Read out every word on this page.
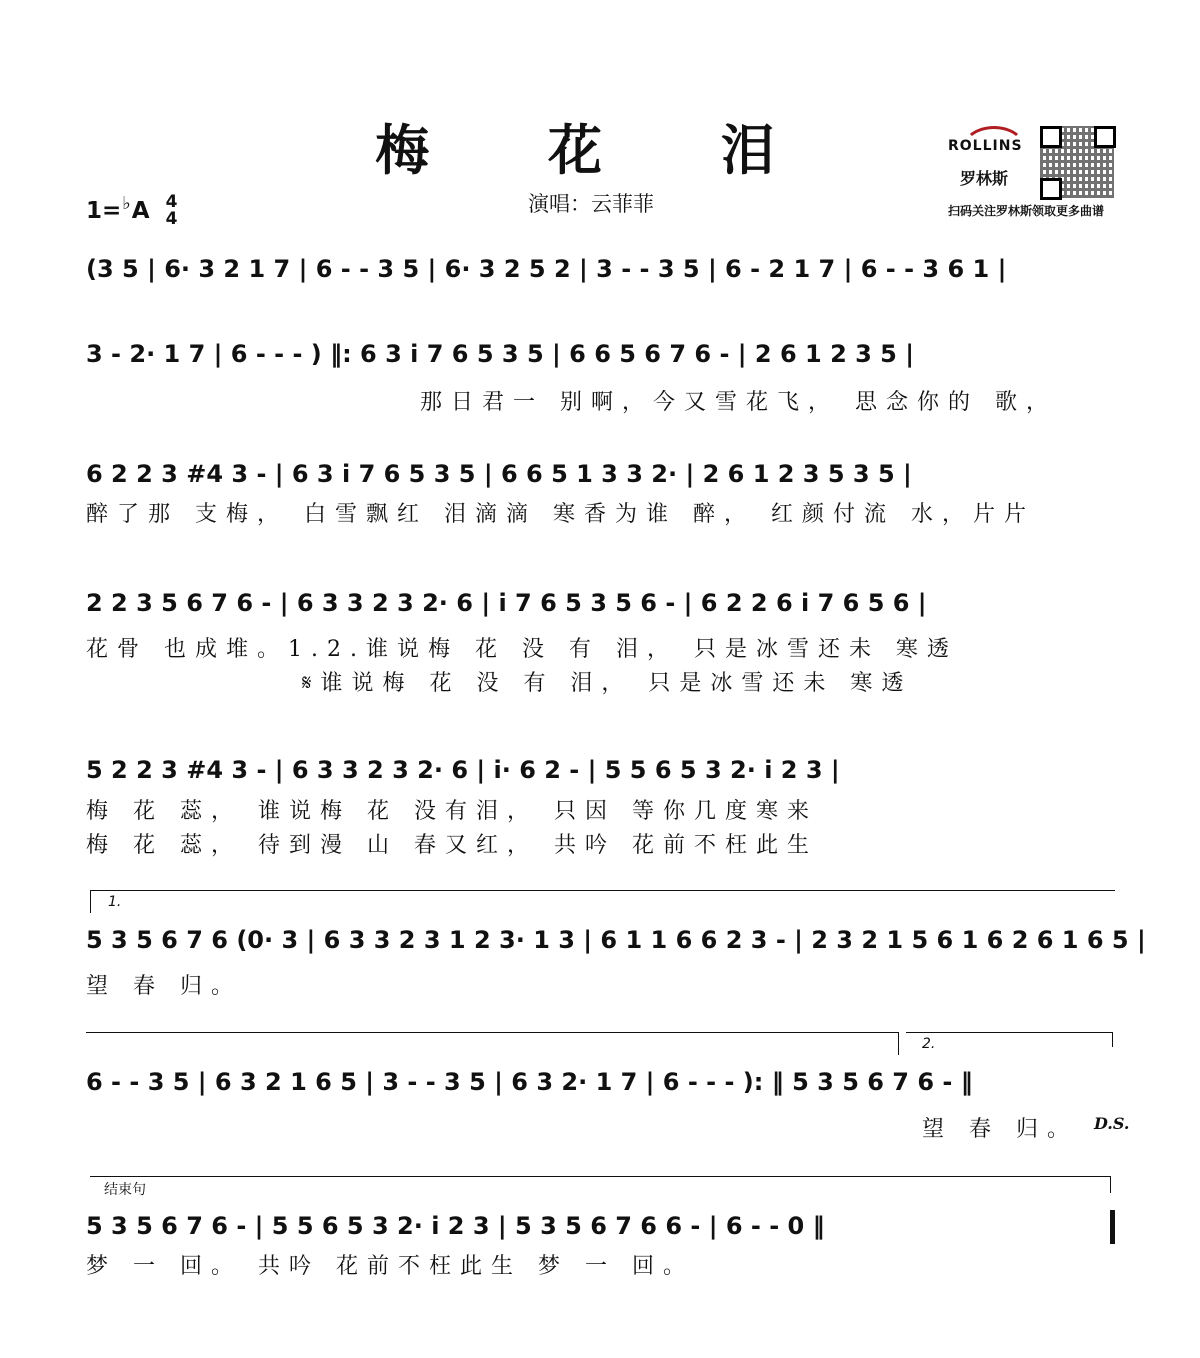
梅 花 泪
演唱：云菲菲
1= ♭ A 4
4
ROLLINS
罗林斯
扫码关注罗林斯领取更多曲谱
(3 5 | 6· 3 2 1 7 | 6 - - 3 5 | 6· 3 2 5 2 | 3 - - 3 5 | 6 - 2 1 7 | 6 - - 3 6 1 |
3 - 2· 1 7 | 6 - - - ) ‖: 6 3 i 7 6 5 3 5 | 6 6 5 6 7 6 - | 2 6 1 2 3 5 |
那日君一 别啊，今又雪花飞， 思念你的 歌，
6 2 2 3 #4 3 - | 6 3 i 7 6 5 3 5 | 6 6 5 1 3 3 2· | 2 6 1 2 3 5 3 5 |
醉了那 支梅， 白雪飘红 泪滴滴 寒香为谁 醉， 红颜付流 水，片片
2 2 3 5 6 7 6 - | 6 3 3 2 3 2· 6 | i 7 6 5 3 5 6 - | 6 2 2 6 i 7 6 5 6 |
花骨 也成堆。1.2.谁说梅 花 没 有 泪， 只是冰雪还未 寒透
𝄋谁说梅 花 没 有 泪， 只是冰雪还未 寒透
5 2 2 3 #4 3 - | 6 3 3 2 3 2· 6 | i· 6 2 - | 5 5 6 5 3 2· i 2 3 |
梅 花 蕊， 谁说梅 花 没有泪， 只因 等你几度寒来
梅 花 蕊， 待到漫 山 春又红， 共吟 花前不枉此生
1.
5 3 5 6 7 6 (0· 3 | 6 3 3 2 3 1 2 3· 1 3 | 6 1 1 6 6 2 3 - | 2 3 2 1 5 6 1 6 2 6 1 6 5 |
望 春 归。
2.
6 - - 3 5 | 6 3 2 1 6 5 | 3 - - 3 5 | 6 3 2· 1 7 | 6 - - - ): ‖ 5 3 5 6 7 6 - ‖
望 春 归。 D.S.
结束句
5 3 5 6 7 6 - | 5 5 6 5 3 2· i 2 3 | 5 3 5 6 7 6 6 - | 6 - - 0 ‖
梦 一 回。 共吟 花前不枉此生 梦 一 回。
